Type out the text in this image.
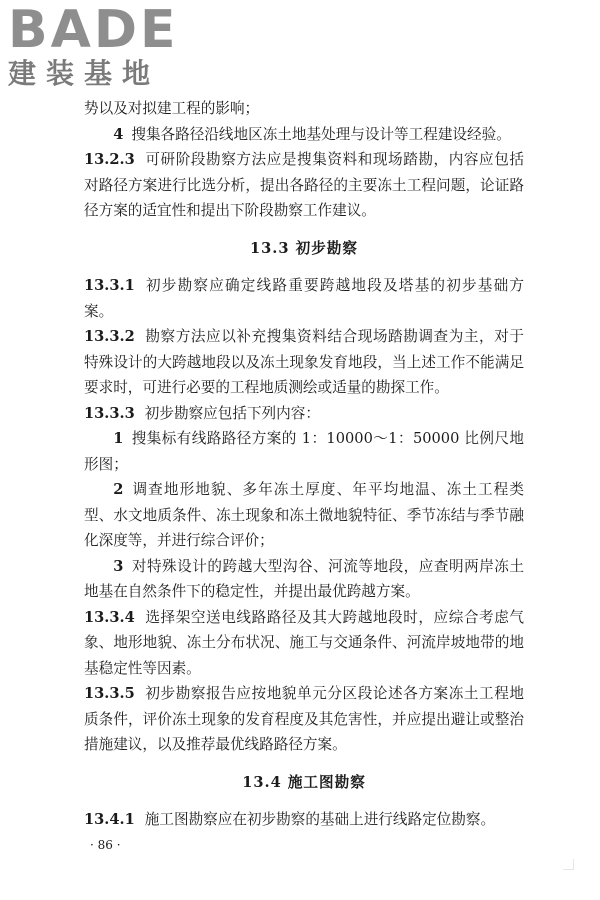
BADE
建装基地

势以及对拟建工程的影响；

4 搜集各路径沿线地区冻土地基处理与设计等工程建设经验。

13.2.3 可研阶段勘察方法应是搜集资料和现场踏勘，内容应包括对路径方案进行比选分析，提出各路径的主要冻土工程问题，论证路径方案的适宜性和提出下阶段勘察工作建议。

13.3 初步勘察

13.3.1 初步勘察应确定线路重要跨越地段及塔基的初步基础方案。

13.3.2 勘察方法应以补充搜集资料结合现场踏勘调查为主，对于特殊设计的大跨越地段以及冻土现象发育地段，当上述工作不能满足要求时，可进行必要的工程地质测绘或适量的勘探工作。

13.3.3 初步勘察应包括下列内容：

1 搜集标有线路路径方案的 1：10000～1：50000 比例尺地形图；

2 调查地形地貌、多年冻土厚度、年平均地温、冻土工程类型、水文地质条件、冻土现象和冻土微地貌特征、季节冻结与季节融化深度等，并进行综合评价；

3 对特殊设计的跨越大型沟谷、河流等地段，应查明两岸冻土地基在自然条件下的稳定性，并提出最优跨越方案。

13.3.4 选择架空送电线路路径及其大跨越地段时，应综合考虑气象、地形地貌、冻土分布状况、施工与交通条件、河流岸坡地带的地基稳定性等因素。

13.3.5 初步勘察报告应按地貌单元分区段论述各方案冻土工程地质条件，评价冻土现象的发育程度及其危害性，并应提出避让或整治措施建议，以及推荐最优线路路径方案。

13.4 施工图勘察

13.4.1 施工图勘察应在初步勘察的基础上进行线路定位勘察。

· 86 ·
